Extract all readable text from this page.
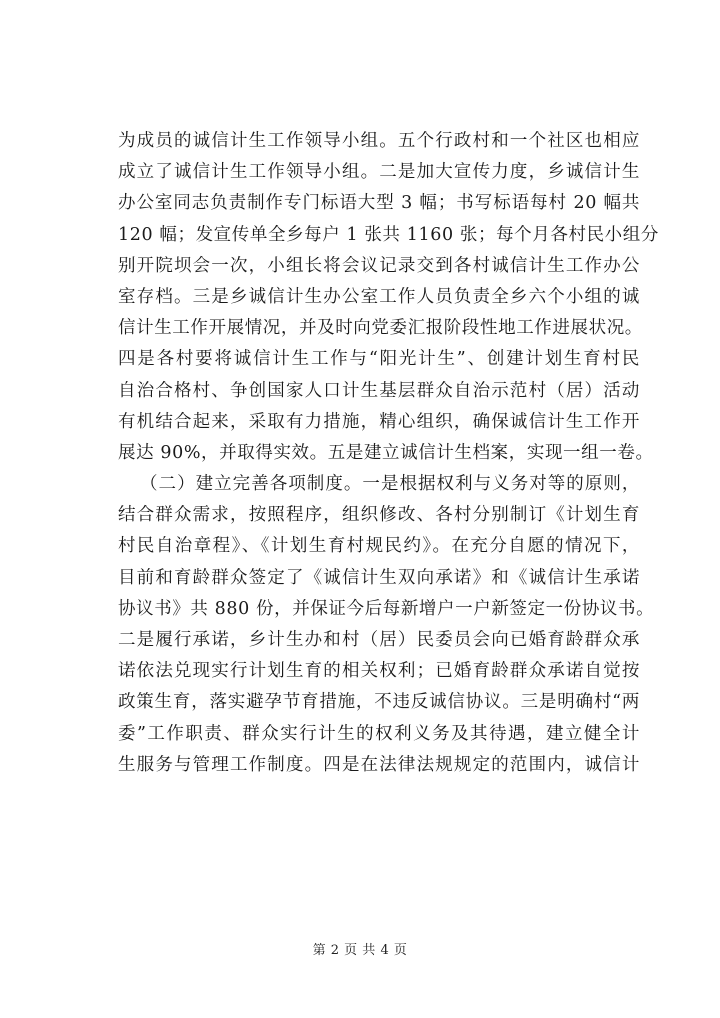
为成员的诚信计生工作领导小组。五个行政村和一个社区也相应
成立了诚信计生工作领导小组。二是加大宣传力度，乡诚信计生
办公室同志负责制作专门标语大型 3 幅；书写标语每村 20 幅共
120 幅；发宣传单全乡每户 1 张共 1160 张；每个月各村民小组分
别开院坝会一次，小组长将会议记录交到各村诚信计生工作办公
室存档。三是乡诚信计生办公室工作人员负责全乡六个小组的诚
信计生工作开展情况，并及时向党委汇报阶段性地工作进展状况。
四是各村要将诚信计生工作与“阳光计生”、创建计划生育村民
自治合格村、争创国家人口计生基层群众自治示范村（居）活动
有机结合起来，采取有力措施，精心组织，确保诚信计生工作开
展达 90%，并取得实效。五是建立诚信计生档案，实现一组一卷。
（二）建立完善各项制度。一是根据权利与义务对等的原则，
结合群众需求，按照程序，组织修改、各村分别制订《计划生育
村民自治章程》、《计划生育村规民约》。在充分自愿的情况下，
目前和育龄群众签定了《诚信计生双向承诺》和《诚信计生承诺
协议书》共 880 份，并保证今后每新增户一户新签定一份协议书。
二是履行承诺，乡计生办和村（居）民委员会向已婚育龄群众承
诺依法兑现实行计划生育的相关权利；已婚育龄群众承诺自觉按
政策生育，落实避孕节育措施，不违反诚信协议。三是明确村“两
委”工作职责、群众实行计生的权利义务及其待遇，建立健全计
生服务与管理工作制度。四是在法律法规规定的范围内，诚信计
第 2 页 共 4 页
